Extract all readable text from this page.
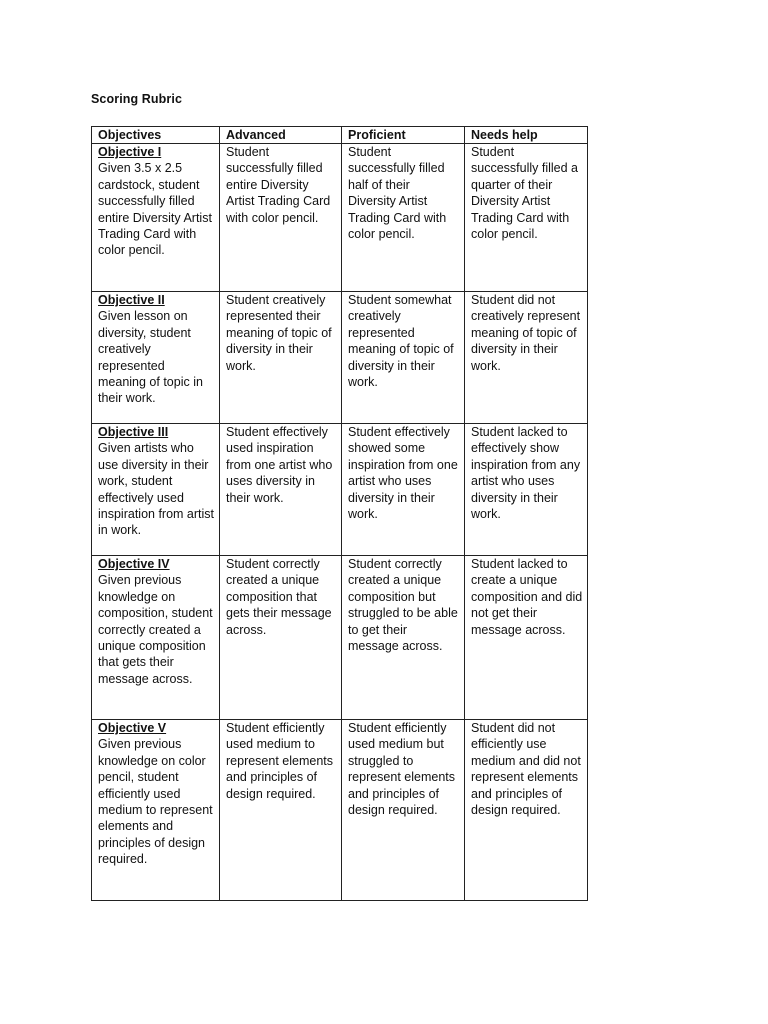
Scoring Rubric
Objectives	Advanced	Proficient	Needs help

Objective I
Given 3.5 x 2.5 cardstock, student successfully filled entire Diversity Artist Trading Card with color pencil.	Student successfully filled entire Diversity Artist Trading Card with color pencil.	Student successfully filled half of their Diversity Artist Trading Card with color pencil.	Student successfully filled a quarter of their Diversity Artist Trading Card with color pencil.

Objective II
Given lesson on diversity, student creatively represented meaning of topic in their work.	Student creatively represented their meaning of topic of diversity in their work.	Student somewhat creatively represented meaning of topic of diversity in their work.	Student did not creatively represent meaning of topic of diversity in their work.

Objective III
Given artists who use diversity in their work, student effectively used inspiration from artist in work.	Student effectively used inspiration from one artist who uses diversity in their work.	Student effectively showed some inspiration from one artist who uses diversity in their work.	Student lacked to effectively show inspiration from any artist who uses diversity in their work.

Objective IV
Given previous knowledge on composition, student correctly created a unique composition that gets their message across.	Student correctly created a unique composition that gets their message across.	Student correctly created a unique composition but struggled to be able to get their message across.	Student lacked to create a unique composition and did not get their message across.

Objective V
Given previous knowledge on color pencil, student efficiently used medium to represent elements and principles of design required.	Student efficiently used medium to represent elements and principles of design required.	Student efficiently used medium but struggled to represent elements and principles of design required.	Student did not efficiently use medium and did not represent elements and principles of design required.
